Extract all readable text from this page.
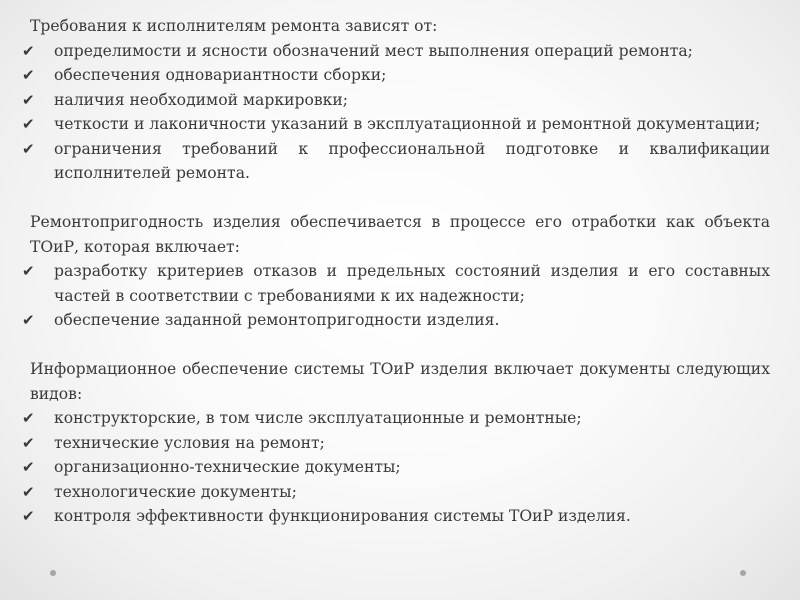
Требования к исполнителям ремонта зависят от:

✔ определимости и ясности обозначений мест выполнения операций ремонта;
✔ обеспечения одновариантности сборки;
✔ наличия необходимой маркировки;
✔ четкости и лаконичности указаний в эксплуатационной и ремонтной документации;
✔ ограничения требований к профессиональной подготовке и квалификации исполнителей ремонта.

Ремонтопригодность изделия обеспечивается в процессе его отработки как объекта ТОиР, которая включает:

✔ разработку критериев отказов и предельных состояний изделия и его составных частей в соответствии с требованиями к их надежности;
✔ обеспечение заданной ремонтопригодности изделия.

Информационное обеспечение системы ТОиР изделия включает документы следующих видов:

✔ конструкторские, в том числе эксплуатационные и ремонтные;
✔ технические условия на ремонт;
✔ организационно-технические документы;
✔ технологические документы;
✔ контроля эффективности функционирования системы ТОиР изделия.
